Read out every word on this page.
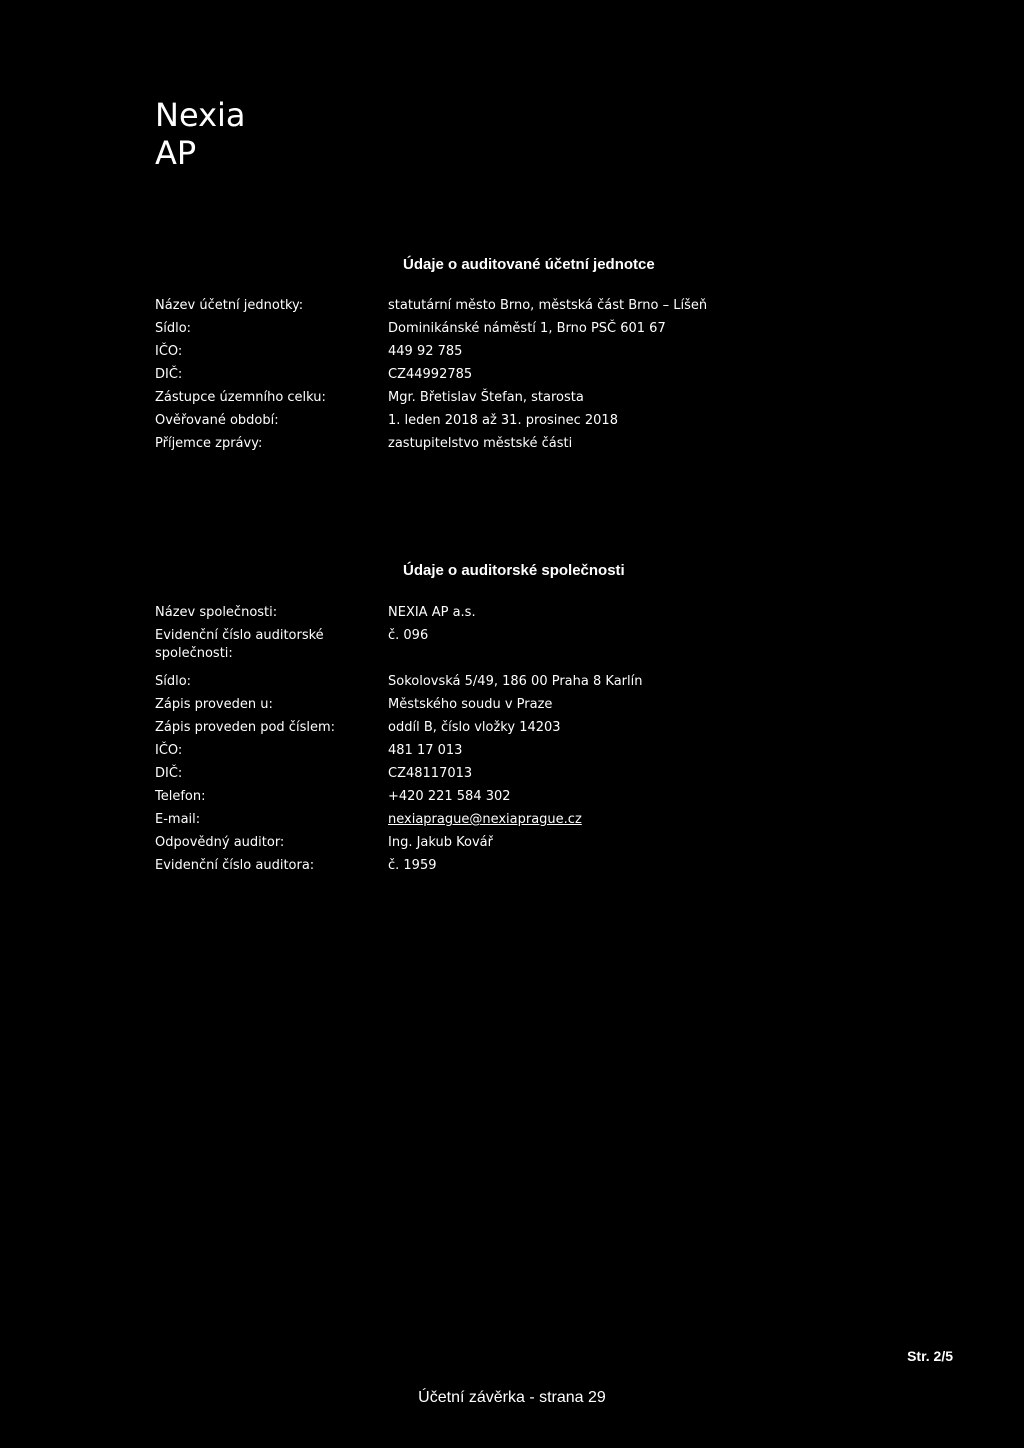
Nexia
AP
Údaje o auditované účetní jednotce
Název účetní jednotky:	statutární město Brno, městská část Brno – Líšeň
Sídlo:	Dominikánské náměstí 1, Brno PSČ 601 67
IČO:	449 92 785
DIČ:	CZ44992785
Zástupce územního celku:	Mgr. Břetislav Štefan, starosta
Ověřované období:	1. leden 2018 až 31. prosinec 2018
Příjemce zprávy:	zastupitelstvo městské části
Údaje o auditorské společnosti
Název společnosti:	NEXIA AP a.s.
Evidenční číslo auditorské společnosti:
č. 096
Sídlo:	Sokolovská 5/49, 186 00 Praha 8 Karlín
Zápis proveden u:	Městského soudu v Praze
Zápis proveden pod číslem:	oddíl B, číslo vložky 14203
IČO:	481 17 013
DIČ:	CZ48117013
Telefon:	+420 221 584 302
E-mail:	nexiaprague@nexiaprague.cz
Odpovědný auditor:	Ing. Jakub Kovář
Evidenční číslo auditora:	č. 1959
Str. 2/5
Účetní závěrka - strana 29
